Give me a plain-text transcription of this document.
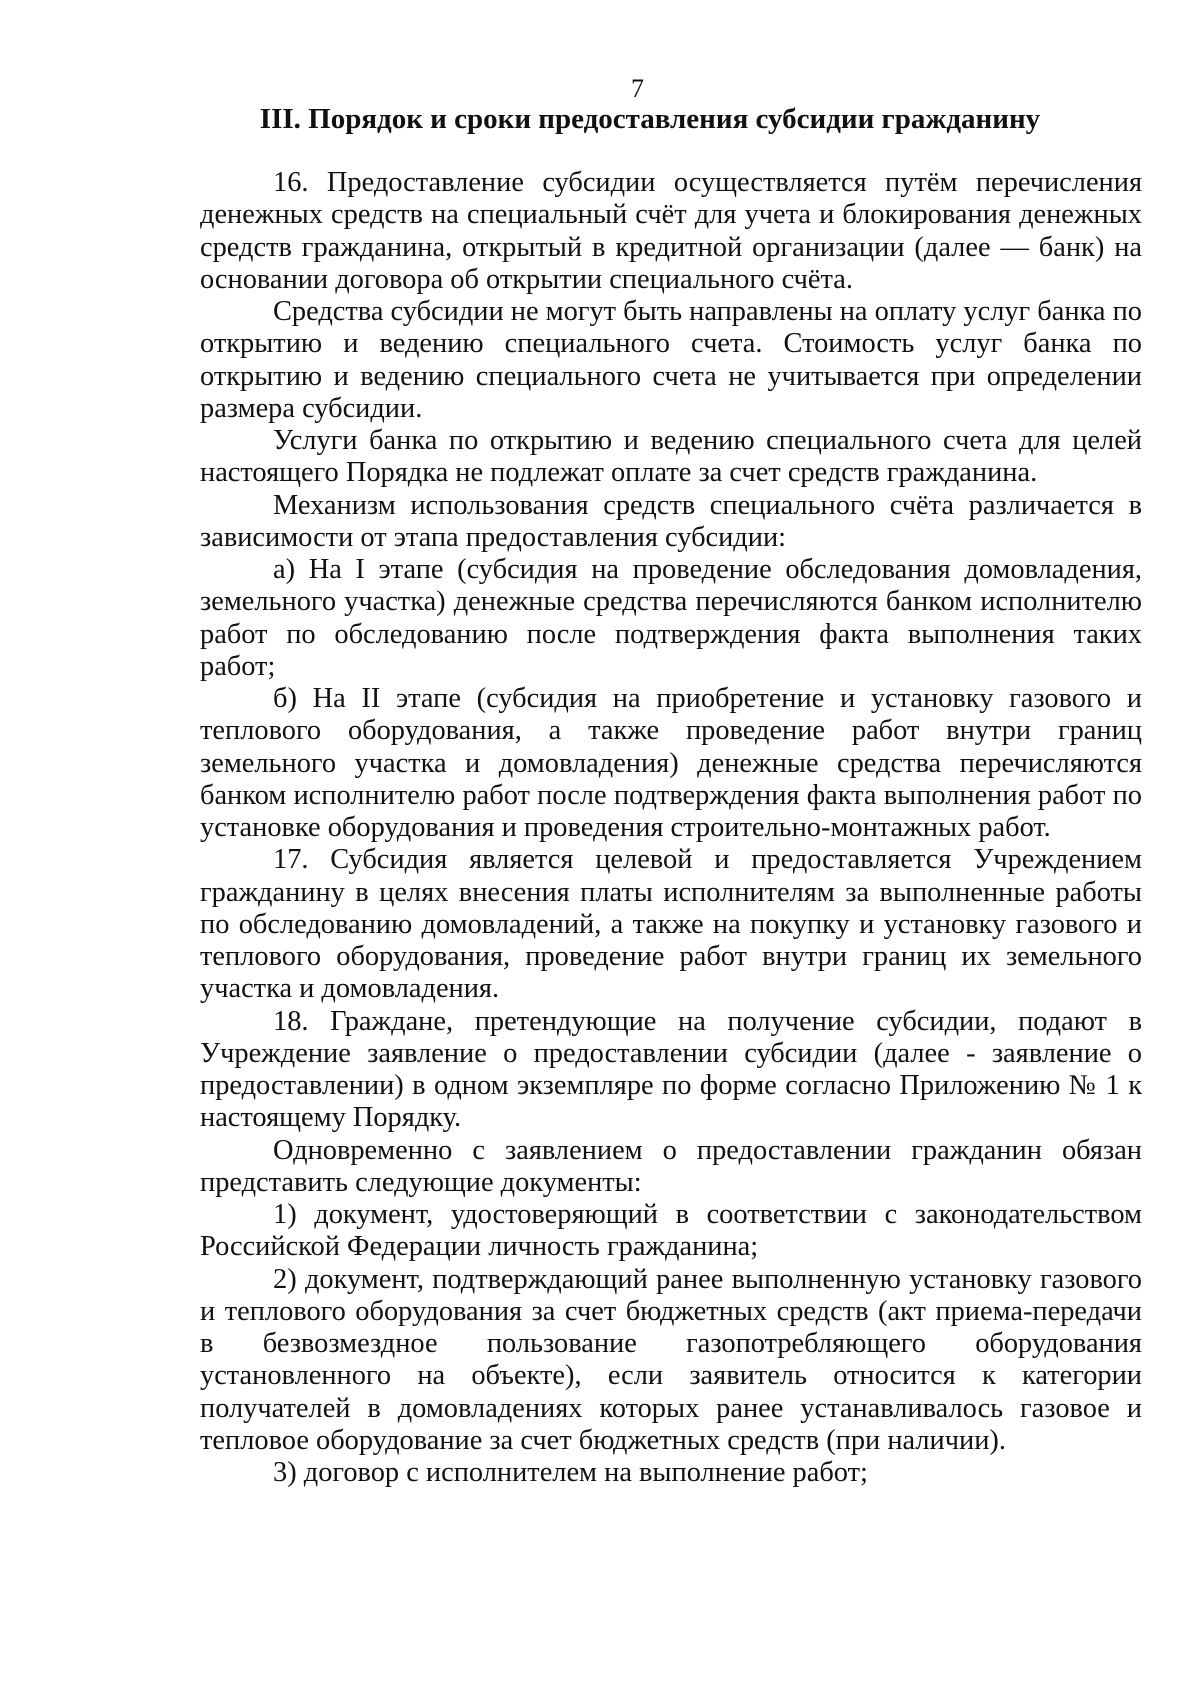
7
III. Порядок и сроки предоставления субсидии гражданину

16. Предоставление субсидии осуществляется путём перечисления денежных средств на специальный счёт для учета и блокирования денежных средств гражданина, открытый в кредитной организации (далее — банк) на основании договора об открытии специального счёта.

Средства субсидии не могут быть направлены на оплату услуг банка по открытию и ведению специального счета. Стоимость услуг банка по открытию и ведению специального счета не учитывается при определении размера субсидии.

Услуги банка по открытию и ведению специального счета для целей настоящего Порядка не подлежат оплате за счет средств гражданина.

Механизм использования средств специального счёта различается в зависимости от этапа предоставления субсидии:

а) На I этапе (субсидия на проведение обследования домовладения, земельного участка) денежные средства перечисляются банком исполнителю работ по обследованию после подтверждения факта выполнения таких работ;

б) На II этапе (субсидия на приобретение и установку газового и теплового оборудования, а также проведение работ внутри границ земельного участка и домовладения) денежные средства перечисляются банком исполнителю работ после подтверждения факта выполнения работ по установке оборудования и проведения строительно-монтажных работ.

17. Субсидия является целевой и предоставляется Учреждением гражданину в целях внесения платы исполнителям за выполненные работы по обследованию домовладений, а также на покупку и установку газового и теплового оборудования, проведение работ внутри границ их земельного участка и домовладения.

18. Граждане, претендующие на получение субсидии, подают в Учреждение заявление о предоставлении субсидии (далее - заявление о предоставлении) в одном экземпляре по форме согласно Приложению № 1 к настоящему Порядку.

Одновременно с заявлением о предоставлении гражданин обязан представить следующие документы:

1) документ, удостоверяющий в соответствии с законодательством Российской Федерации личность гражданина;

2) документ, подтверждающий ранее выполненную установку газового и теплового оборудования за счет бюджетных средств (акт приема-передачи в безвозмездное пользование газопотребляющего оборудования установленного на объекте), если заявитель относится к категории получателей в домовладениях которых ранее устанавливалось газовое и тепловое оборудование за счет бюджетных средств (при наличии).

3) договор с исполнителем на выполнение работ;
